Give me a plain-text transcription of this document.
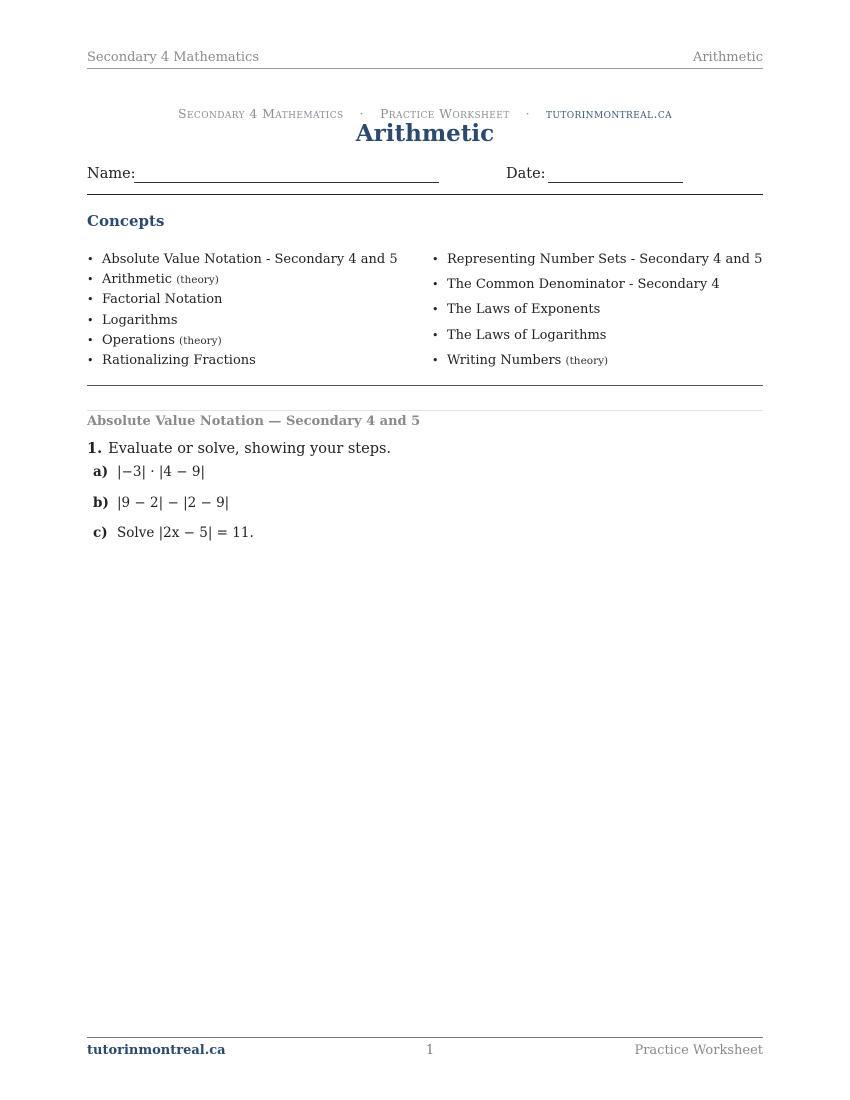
Secondary 4 Mathematics	Arithmetic
Secondary 4 Mathematics · Practice Worksheet · tutorinmontreal.ca
Arithmetic
Name:	Date:
Concepts
• Absolute Value Notation - Secondary 4 and 5
• Arithmetic (theory)
• Factorial Notation
• Logarithms
• Operations (theory)
• Rationalizing Fractions
• Representing Number Sets - Secondary 4 and 5
• The Common Denominator - Secondary 4
• The Laws of Exponents
• The Laws of Logarithms
• Writing Numbers (theory)
Absolute Value Notation — Secondary 4 and 5
1. Evaluate or solve, showing your steps.
a) |−3| · |4 − 9|
b) |9 − 2| − |2 − 9|
c) Solve |2x − 5| = 11.
tutorinmontreal.ca	1	Practice Worksheet
